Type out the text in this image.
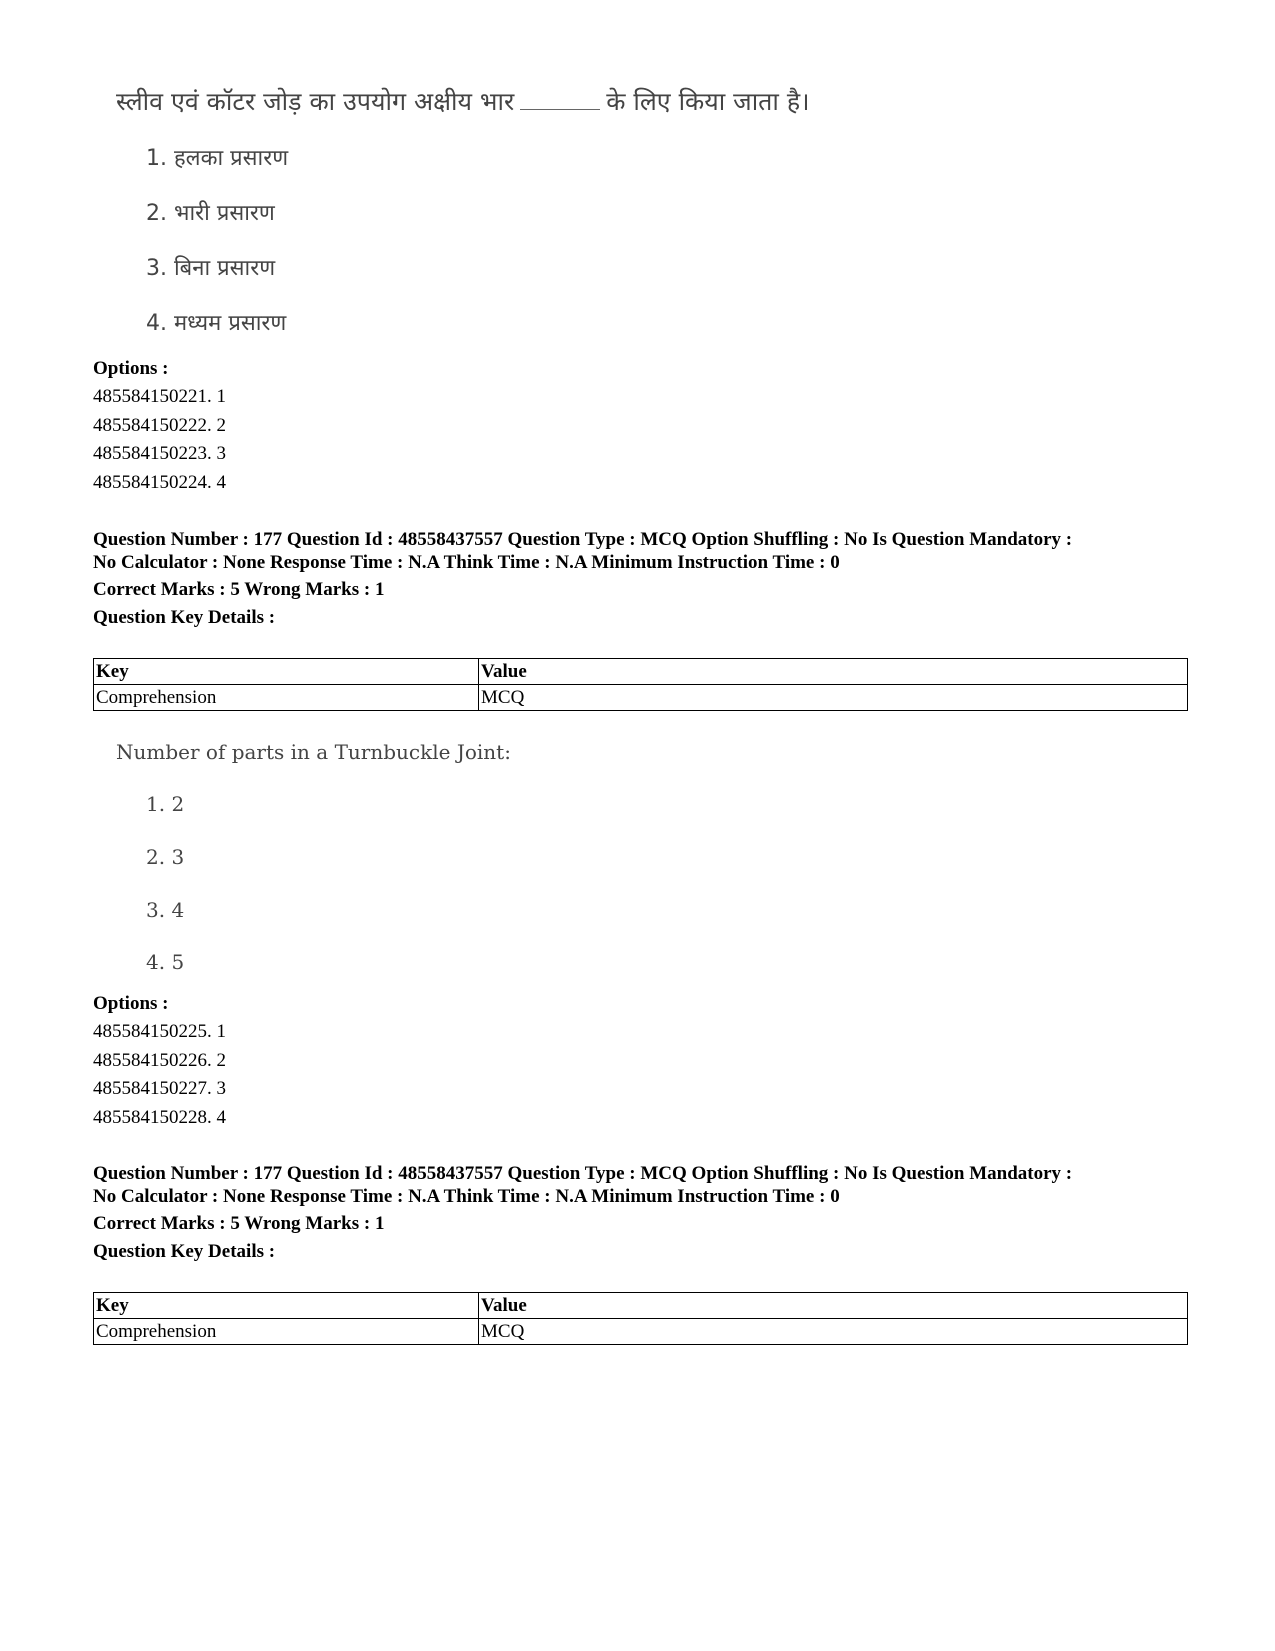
स्लीव एवं कॉटर जोड़ का उपयोग अक्षीय भार	के लिए किया जाता है।
1. हलका प्रसारण
2. भारी प्रसारण
3. बिना प्रसारण
4. मध्यम प्रसारण
Options :
485584150221. 1
485584150222. 2
485584150223. 3
485584150224. 4
Question Number : 177 Question Id : 48558437557 Question Type : MCQ Option Shuffling : No Is Question Mandatory :
No Calculator : None Response Time : N.A Think Time : N.A Minimum Instruction Time : 0
Correct Marks : 5 Wrong Marks : 1
Question Key Details :
Key	Value
Comprehension	MCQ
Number of parts in a Turnbuckle Joint:
1. 2
2. 3
3. 4
4. 5
Options :
485584150225. 1
485584150226. 2
485584150227. 3
485584150228. 4
Question Number : 177 Question Id : 48558437557 Question Type : MCQ Option Shuffling : No Is Question Mandatory :
No Calculator : None Response Time : N.A Think Time : N.A Minimum Instruction Time : 0
Correct Marks : 5 Wrong Marks : 1
Question Key Details :
Key	Value
Comprehension	MCQ
